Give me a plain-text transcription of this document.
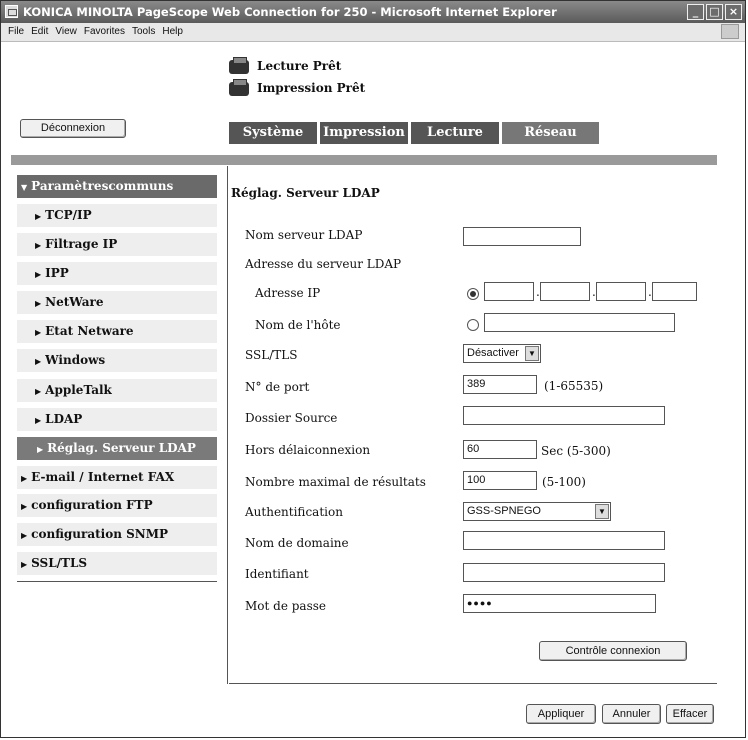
KONICA MINOLTA PageScope Web Connection for 250 - Microsoft Internet Explorer	_	□ ×
File Edit View Favorites Tools Help
Lecture Prêt
Impression Prêt
Déconnexion	Système	Impression	Lecture	Réseau
▼ Paramètrescommuns
▶ TCP/IP
▶ Filtrage IP
▶ IPP
▶ NetWare
▶ Etat Netware
▶ Windows
▶ AppleTalk
▶ LDAP
▶ Réglag. Serveur LDAP
▶ E-mail / Internet FAX
▶ configuration FTP
▶ configuration SNMP
▶ SSL/TLS
Réglag. Serveur LDAP
Nom serveur LDAP
Adresse du serveur LDAP
Adresse IP	.	.	.
Nom de l'hôte
SSL/TLS	Désactiver	▼
N° de port	389	(1-65535)
Dossier Source
Hors délaiconnexion	60	Sec (5-300)
Nombre maximal de résultats	100	(5-100)
Authentification	GSS-SPNEGO	▼
Nom de domaine
Identifiant
Mot de passe	●●●●
Contrôle connexion
Appliquer	Annuler	Effacer
